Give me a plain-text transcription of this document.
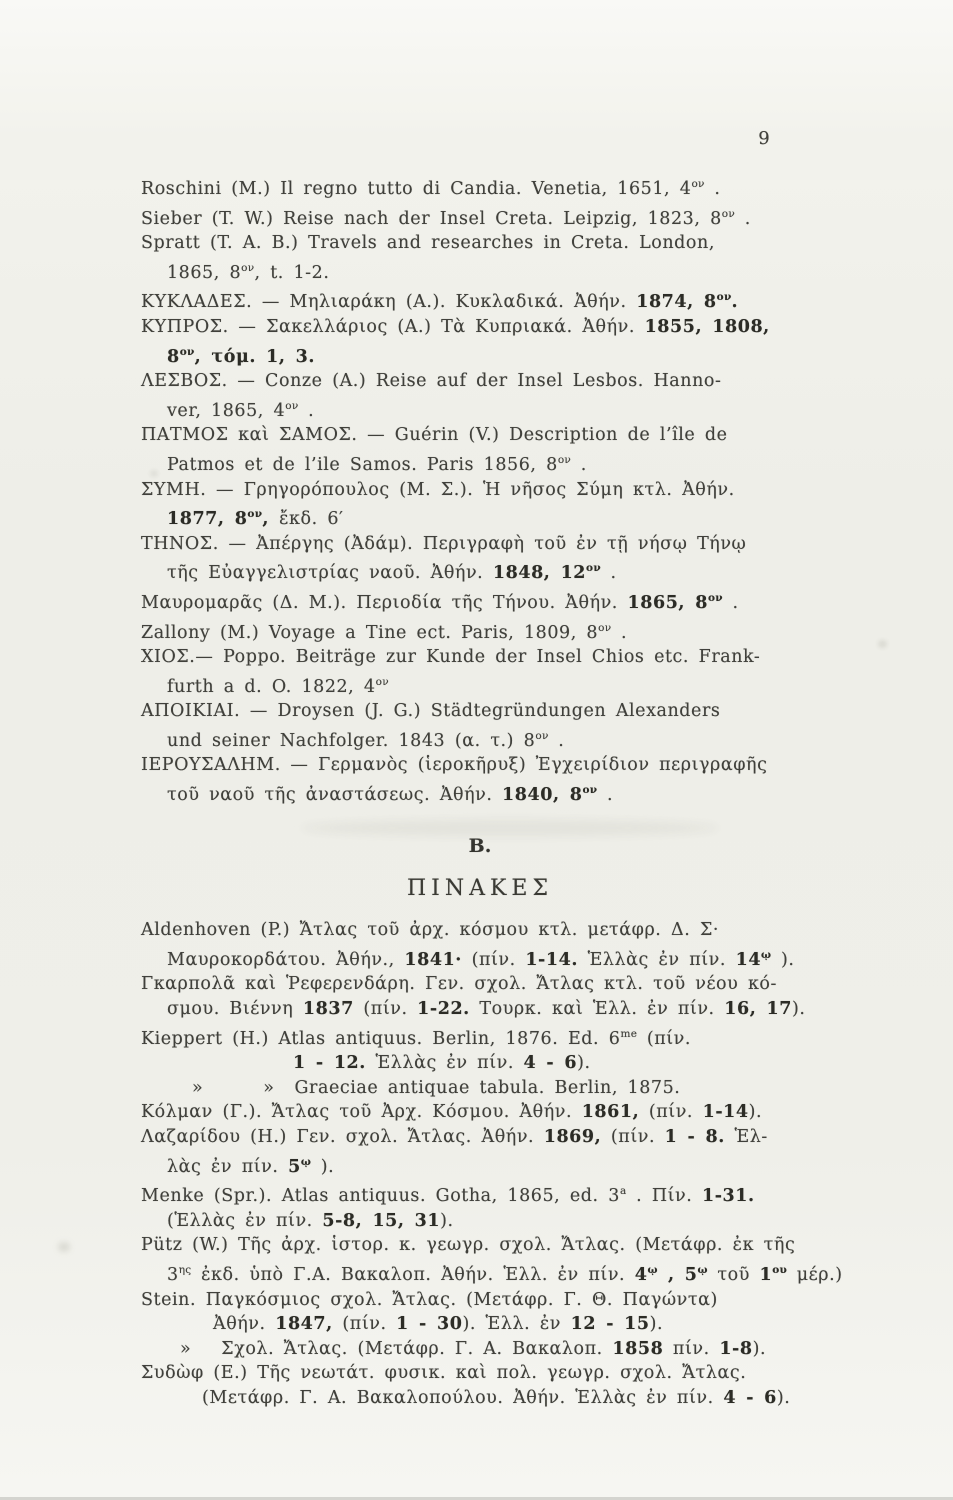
9
Roschini (M.) Il regno tutto di Candia. Venetia, 1651, $4^{o\nu}$ .
Sieber (T. W.) Reise nach der Insel Creta. Leipzig, 1823, $8^{o\nu}$ .
Spratt (T. A. B.) Travels and researches in Creta. London,
1865, $8^{o\nu}$, t. 1-2.
ΚΥΚΛΑΔΕΣ. — Μηλιαράκη (Α.). Κυκλαδικά. Ἀθήν. 1874, $8^{o\nu}$.
ΚΥΠΡΟΣ. — Σακελλάριος (Α.) Τὰ Κυπριακά. Ἀθήν. 1855, 1808,
$8^{o\nu}$, τόμ. 1, 3.
ΛΕΣΒΟΣ. — Conze (A.) Reise auf der Insel Lesbos. Hanno-
ver, 1865, $4^{o\nu}$ .
ΠΑΤΜΟΣ καὶ ΣΑΜΟΣ. — Guérin (V.) Description de l’île de
Patmos et de l’ile Samos. Paris 1856, $8^{o\nu}$ .
ΣΥΜΗ. — Γρηγορόπουλος (Μ. Σ.). Ἡ νῆσος Σύμη κτλ. Ἀθήν.
1877, $8^{o\nu}$, ἔκδ. 6′
ΤΗΝΟΣ. — Ἀπέργης (Ἀδάμ). Περιγραφὴ τοῦ ἐν τῇ νήσῳ Τήνῳ
τῆς Εὐαγγελιστρίας ναοῦ. Ἀθήν. 1848, $12^{o\nu}$ .
Μαυρομαρᾶς (Δ. Μ.). Περιοδία τῆς Τήνου. Ἀθήν. 1865, $8^{o\nu}$ .
Zallony (M.) Voyage a Tine ect. Paris, 1809, $8^{o\nu}$ .
ΧΙΟΣ.— Poppo. Beiträge zur Kunde der Insel Chios etc. Frank-
furth a d. O. 1822, $4^{o\nu}$
ΑΠΟΙΚΙΑΙ. — Droysen (J. G.) Städtegründungen Alexanders
und seiner Nachfolger. 1843 (α. τ.) $8^{o\nu}$ .
ΙΕΡΟΥΣΑΛΗΜ. — Γερμανὸς (ἱεροκῆρυξ) Ἐγχειρίδιον περιγραφῆς
τοῦ ναοῦ τῆς ἀναστάσεως. Ἀθήν. 1840, $8^{o\nu}$ .
Β.
ΠΙΝΑΚΕΣ
Aldenhoven (P.) Ἄτλας τοῦ ἀρχ. κόσμου κτλ. μετάφρ. Δ. Σ·
Μαυροκορδάτου. Ἀθήν., 1841· (πίν. 1-14. Ἑλλὰς ἐν πίν. $14^ῳ$ ).
Γκαρπολᾶ καὶ Ῥεφερενδάρη. Γεν. σχολ. Ἄτλας κτλ. τοῦ νέου κό-
σμου. Βιέννη 1837 (πίν. 1-22. Τουρκ. καὶ Ἑλλ. ἐν πίν. 16, 17).
Kieppert (H.) Atlas antiquus. Berlin, 1876. Ed. $6^{me}$ (πίν.
1 - 12. Ἑλλὰς ἐν πίν. 4 - 6).
»	» Graeciae antiquae tabula. Berlin, 1875.
Κόλμαν (Γ.). Ἄτλας τοῦ Ἀρχ. Κόσμου. Ἀθήν. 1861, (πίν. 1-14).
Λαζαρίδου (Η.) Γεν. σχολ. Ἄτλας. Ἀθήν. 1869, (πίν. 1 - 8. Ἑλ-
λὰς ἐν πίν. $5^ῳ$ ).
Menke (Spr.). Atlas antiquus. Gotha, 1865, ed. 3$^a$ . Πίν. 1-31.
(Ἑλλὰς ἐν πίν. 5-8, 15, 31).
Pütz (W.) Τῆς ἀρχ. ἱστορ. κ. γεωγρ. σχολ. Ἄτλας. (Μετάφρ. ἐκ τῆς
$3^{\eta\varsigma}$ ἐκδ. ὑπὸ Γ.Α. Βακαλοπ. Ἀθήν. Ἑλλ. ἐν πίν. $4^ῳ$ , $5^ῳ$ τοῦ $1^{o\upsilon}$ μέρ.)
Stein. Παγκόσμιος σχολ. Ἄτλας. (Μετάφρ. Γ. Θ. Παγώντα)
Ἀθήν. 1847, (πίν. 1 - 30). Ἑλλ. ἐν 12 - 15).
» Σχολ. Ἄτλας. (Μετάφρ. Γ. Α. Βακαλοπ. 1858 πίν. 1-8).
Συδὼφ (Ε.) Τῆς νεωτάτ. φυσικ. καὶ πολ. γεωγρ. σχολ. Ἄτλας.
(Μετάφρ. Γ. Α. Βακαλοπούλου. Ἀθήν. Ἑλλὰς ἐν πίν. 4 - 6).
